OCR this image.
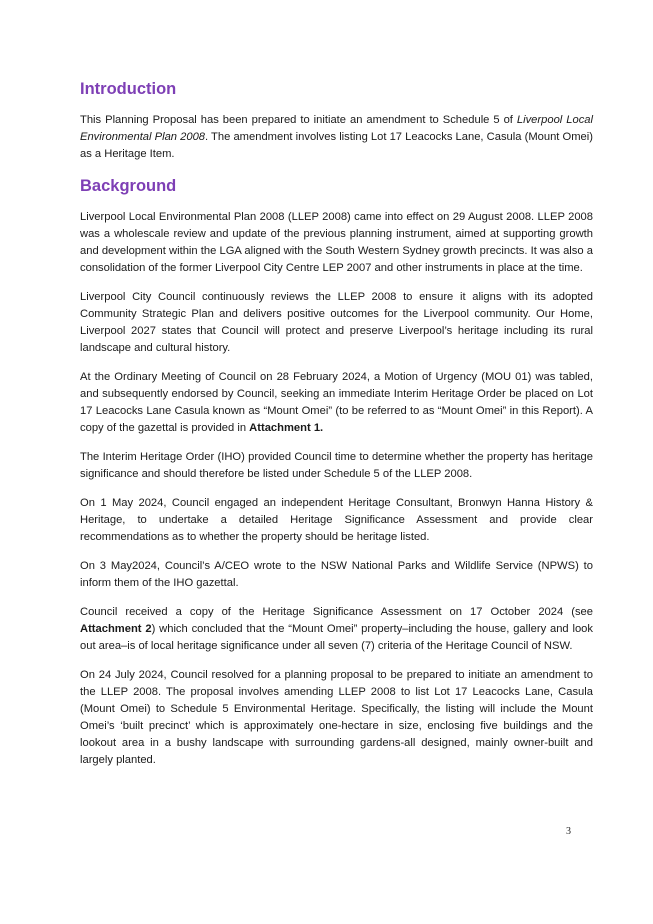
Introduction

This Planning Proposal has been prepared to initiate an amendment to Schedule 5 of Liverpool Local Environmental Plan 2008. The amendment involves listing Lot 17 Leacocks Lane, Casula (Mount Omei) as a Heritage Item.

Background

Liverpool Local Environmental Plan 2008 (LLEP 2008) came into effect on 29 August 2008. LLEP 2008 was a wholescale review and update of the previous planning instrument, aimed at supporting growth and development within the LGA aligned with the South Western Sydney growth precincts. It was also a consolidation of the former Liverpool City Centre LEP 2007 and other instruments in place at the time.

Liverpool City Council continuously reviews the LLEP 2008 to ensure it aligns with its adopted Community Strategic Plan and delivers positive outcomes for the Liverpool community. Our Home, Liverpool 2027 states that Council will protect and preserve Liverpool’s heritage including its rural landscape and cultural history.

At the Ordinary Meeting of Council on 28 February 2024, a Motion of Urgency (MOU 01) was tabled, and subsequently endorsed by Council, seeking an immediate Interim Heritage Order be placed on Lot 17 Leacocks Lane Casula known as “Mount Omei” (to be referred to as “Mount Omei” in this Report). A copy of the gazettal is provided in Attachment 1.

The Interim Heritage Order (IHO) provided Council time to determine whether the property has heritage significance and should therefore be listed under Schedule 5 of the LLEP 2008.

On 1 May 2024, Council engaged an independent Heritage Consultant, Bronwyn Hanna History & Heritage, to undertake a detailed Heritage Significance Assessment and provide clear recommendations as to whether the property should be heritage listed.

On 3 May2024, Council’s A/CEO wrote to the NSW National Parks and Wildlife Service (NPWS) to inform them of the IHO gazettal.

Council received a copy of the Heritage Significance Assessment on 17 October 2024 (see Attachment 2) which concluded that the “Mount Omei” property–including the house, gallery and look out area–is of local heritage significance under all seven (7) criteria of the Heritage Council of NSW.

On 24 July 2024, Council resolved for a planning proposal to be prepared to initiate an amendment to the LLEP 2008. The proposal involves amending LLEP 2008 to list Lot 17 Leacocks Lane, Casula (Mount Omei) to Schedule 5 Environmental Heritage. Specifically, the listing will include the Mount Omei’s ‘built precinct’ which is approximately one-hectare in size, enclosing five buildings and the lookout area in a bushy landscape with surrounding gardens-all designed, mainly owner-built and largely planted.

3
